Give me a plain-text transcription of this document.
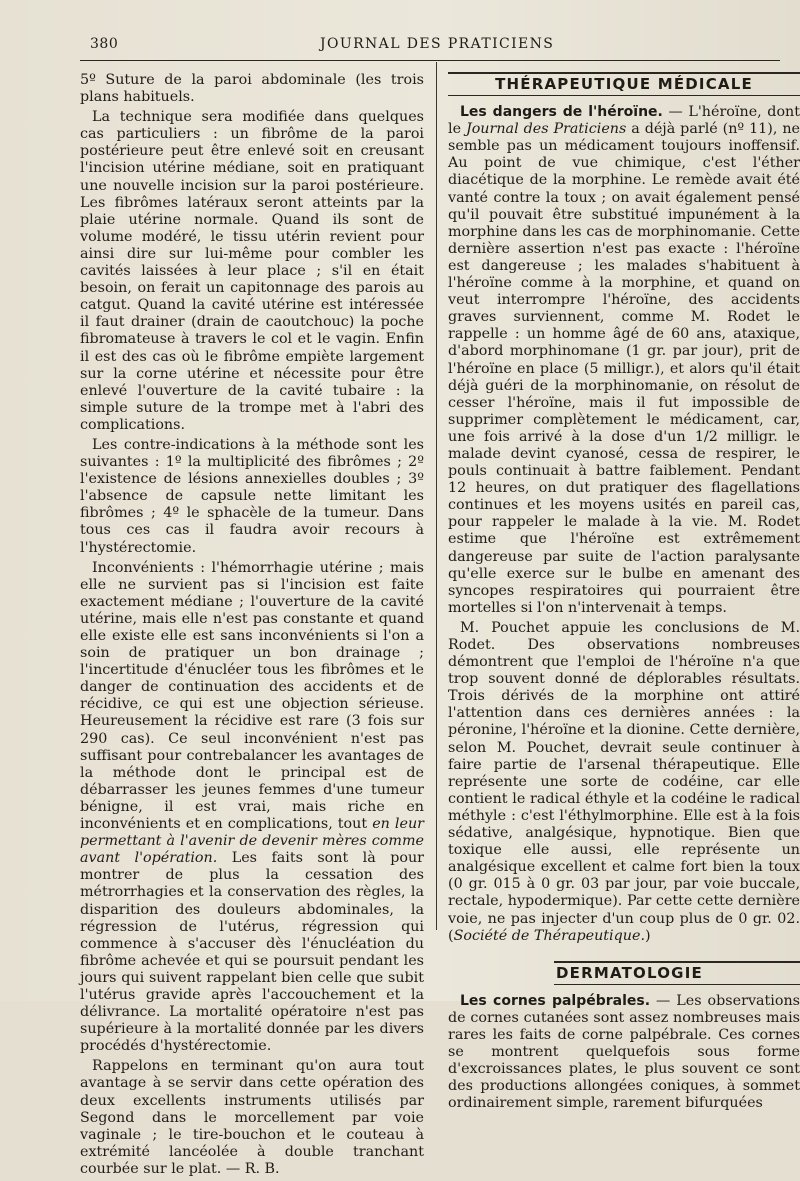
380	JOURNAL DES PRATICIENS

5º Suture de la paroi abdominale (les trois plans habituels.

La technique sera modifiée dans quelques cas particuliers : un fibrôme de la paroi postérieure peut être enlevé soit en creusant l'incision utérine médiane, soit en pratiquant une nouvelle incision sur la paroi postérieure. Les fibrômes latéraux seront atteints par la plaie utérine normale. Quand ils sont de volume modéré, le tissu utérin revient pour ainsi dire sur lui-même pour combler les cavités laissées à leur place ; s'il en était besoin, on ferait un capitonnage des parois au catgut. Quand la cavité utérine est intéressée il faut drainer (drain de caoutchouc) la poche fibromateuse à travers le col et le vagin. Enfin il est des cas où le fibrôme empiète largement sur la corne utérine et nécessite pour être enlevé l'ouverture de la cavité tubaire : la simple suture de la trompe met à l'abri des complications.

Les contre-indications à la méthode sont les suivantes : 1º la multiplicité des fibrômes ; 2º l'existence de lésions annexielles doubles ; 3º l'absence de capsule nette limitant les fibrômes ; 4º le sphacèle de la tumeur. Dans tous ces cas il faudra avoir recours à l'hystérectomie.

Inconvénients : l'hémorrhagie utérine ; mais elle ne survient pas si l'incision est faite exactement médiane ; l'ouverture de la cavité utérine, mais elle n'est pas constante et quand elle existe elle est sans inconvénients si l'on a soin de pratiquer un bon drainage ; l'incertitude d'énucléer tous les fibrômes et le danger de continuation des accidents et de récidive, ce qui est une objection sérieuse. Heureusement la récidive est rare (3 fois sur 290 cas). Ce seul inconvénient n'est pas suffisant pour contrebalancer les avantages de la méthode dont le principal est de débarrasser les jeunes femmes d'une tumeur bénigne, il est vrai, mais riche en inconvénients et en complications, tout en leur permettant à l'avenir de devenir mères comme avant l'opération. Les faits sont là pour montrer de plus la cessation des métrorrhagies et la conservation des règles, la disparition des douleurs abdominales, la régression de l'utérus, régression qui commence à s'accuser dès l'énucléation du fibrôme achevée et qui se poursuit pendant les jours qui suivent rappelant bien celle que subit l'utérus gravide après l'accouchement et la délivrance. La mortalité opératoire n'est pas supérieure à la mortalité donnée par les divers procédés d'hystérectomie.

Rappelons en terminant qu'on aura tout avantage à se servir dans cette opération des deux excellents instruments utilisés par Segond dans le morcellement par voie vaginale ; le tire-bouchon et le couteau à extrémité lancéolée à double tranchant courbée sur le plat. — R. B.

THÉRAPEUTIQUE MÉDICALE

Les dangers de l'héroïne. — L'héroïne, dont le Journal des Praticiens a déjà parlé (nº 11), ne semble pas un médicament toujours inoffensif. Au point de vue chimique, c'est l'éther diacétique de la morphine. Le remède avait été vanté contre la toux ; on avait également pensé qu'il pouvait être substitué impunément à la morphine dans les cas de morphinomanie. Cette dernière assertion n'est pas exacte : l'héroïne est dangereuse ; les malades s'habituent à l'héroïne comme à la morphine, et quand on veut interrompre l'héroïne, des accidents graves surviennent, comme M. Rodet le rappelle : un homme âgé de 60 ans, ataxique, d'abord morphinomane (1 gr. par jour), prit de l'héroïne en place (5 milligr.), et alors qu'il était déjà guéri de la morphinomanie, on résolut de cesser l'héroïne, mais il fut impossible de supprimer complètement le médicament, car, une fois arrivé à la dose d'un 1/2 milligr. le malade devint cyanosé, cessa de respirer, le pouls continuait à battre faiblement. Pendant 12 heures, on dut pratiquer des flagellations continues et les moyens usités en pareil cas, pour rappeler le malade à la vie. M. Rodet estime que l'héroïne est extrêmement dangereuse par suite de l'action paralysante qu'elle exerce sur le bulbe en amenant des syncopes respiratoires qui pourraient être mortelles si l'on n'intervenait à temps.

M. Pouchet appuie les conclusions de M. Rodet. Des observations nombreuses démontrent que l'emploi de l'héroïne n'a que trop souvent donné de déplorables résultats. Trois dérivés de la morphine ont attiré l'attention dans ces dernières années : la péronine, l'héroïne et la dionine. Cette dernière, selon M. Pouchet, devrait seule continuer à faire partie de l'arsenal thérapeutique. Elle représente une sorte de codéine, car elle contient le radical éthyle et la codéine le radical méthyle : c'est l'éthylmorphine. Elle est à la fois sédative, analgésique, hypnotique. Bien que toxique elle aussi, elle représente un analgésique excellent et calme fort bien la toux (0 gr. 015 à 0 gr. 03 par jour, par voie buccale, rectale, hypodermique). Par cette cette dernière voie, ne pas injecter d'un coup plus de 0 gr. 02. (Société de Thérapeutique.)

DERMATOLOGIE

Les cornes palpébrales. — Les observations de cornes cutanées sont assez nombreuses mais rares les faits de corne palpébrale. Ces cornes se montrent quelquefois sous forme d'excroissances plates, le plus souvent ce sont des productions allongées coniques, à sommet ordinairement simple, rarement bifurquées
